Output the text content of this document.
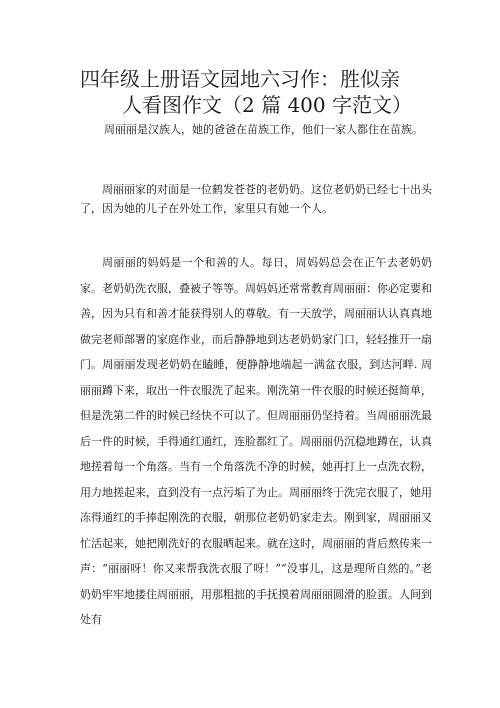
四年级上册语文园地六习作：胜似亲
人看图作文（2 篇 400 字范文）

周丽丽是汉族人，她的爸爸在苗族工作，他们一家人都住在苗族。

周丽丽家的对面是一位鹤发苍苍的老奶奶。这位老奶奶已经七十出头了，因为她的儿子在外处工作，家里只有她一个人。

周丽丽的妈妈是一个和善的人。每日，周妈妈总会在正午去老奶奶家。老奶奶洗衣服，叠被子等等。周妈妈还常常教育周丽丽：你必定要和善，因为只有和善才能获得别人的尊敬。有一天放学，周丽丽认认真真地做完老师部署的家庭作业，而后静静地到达老奶奶家门口，轻轻推开一扇门。周丽丽发现老奶奶在瞌睡，便静静地端起一满盆衣服，到达河畔. 周丽丽蹲下来，取出一件衣服洗了起来。刚洗第一件衣服的时候还挺简单，但是洗第二件的时候已经快不可以了。但周丽丽仍坚持着。当周丽丽洗最后一件的时候，手得通红通红，连脸都红了。周丽丽仍沉稳地蹲在，认真地搓着每一个角落。当有一个角落洗不净的时候，她再打上一点洗衣粉，用力地搓起来，直到没有一点污垢了为止。周丽丽终于洗完衣服了，她用冻得通红的手捧起刚洗的衣服，朝那位老奶奶家走去。刚到家，周丽丽又忙活起来，她把刚洗好的衣服晒起来。就在这时，周丽丽的背后熬传来一声：“丽丽呀！你又来帮我洗衣服了呀！”“没事儿，这是理所自然的。”老奶奶牢牢地搂住周丽丽，用那粗拙的手抚摸着周丽丽圆滑的脸蛋。人间到处有
